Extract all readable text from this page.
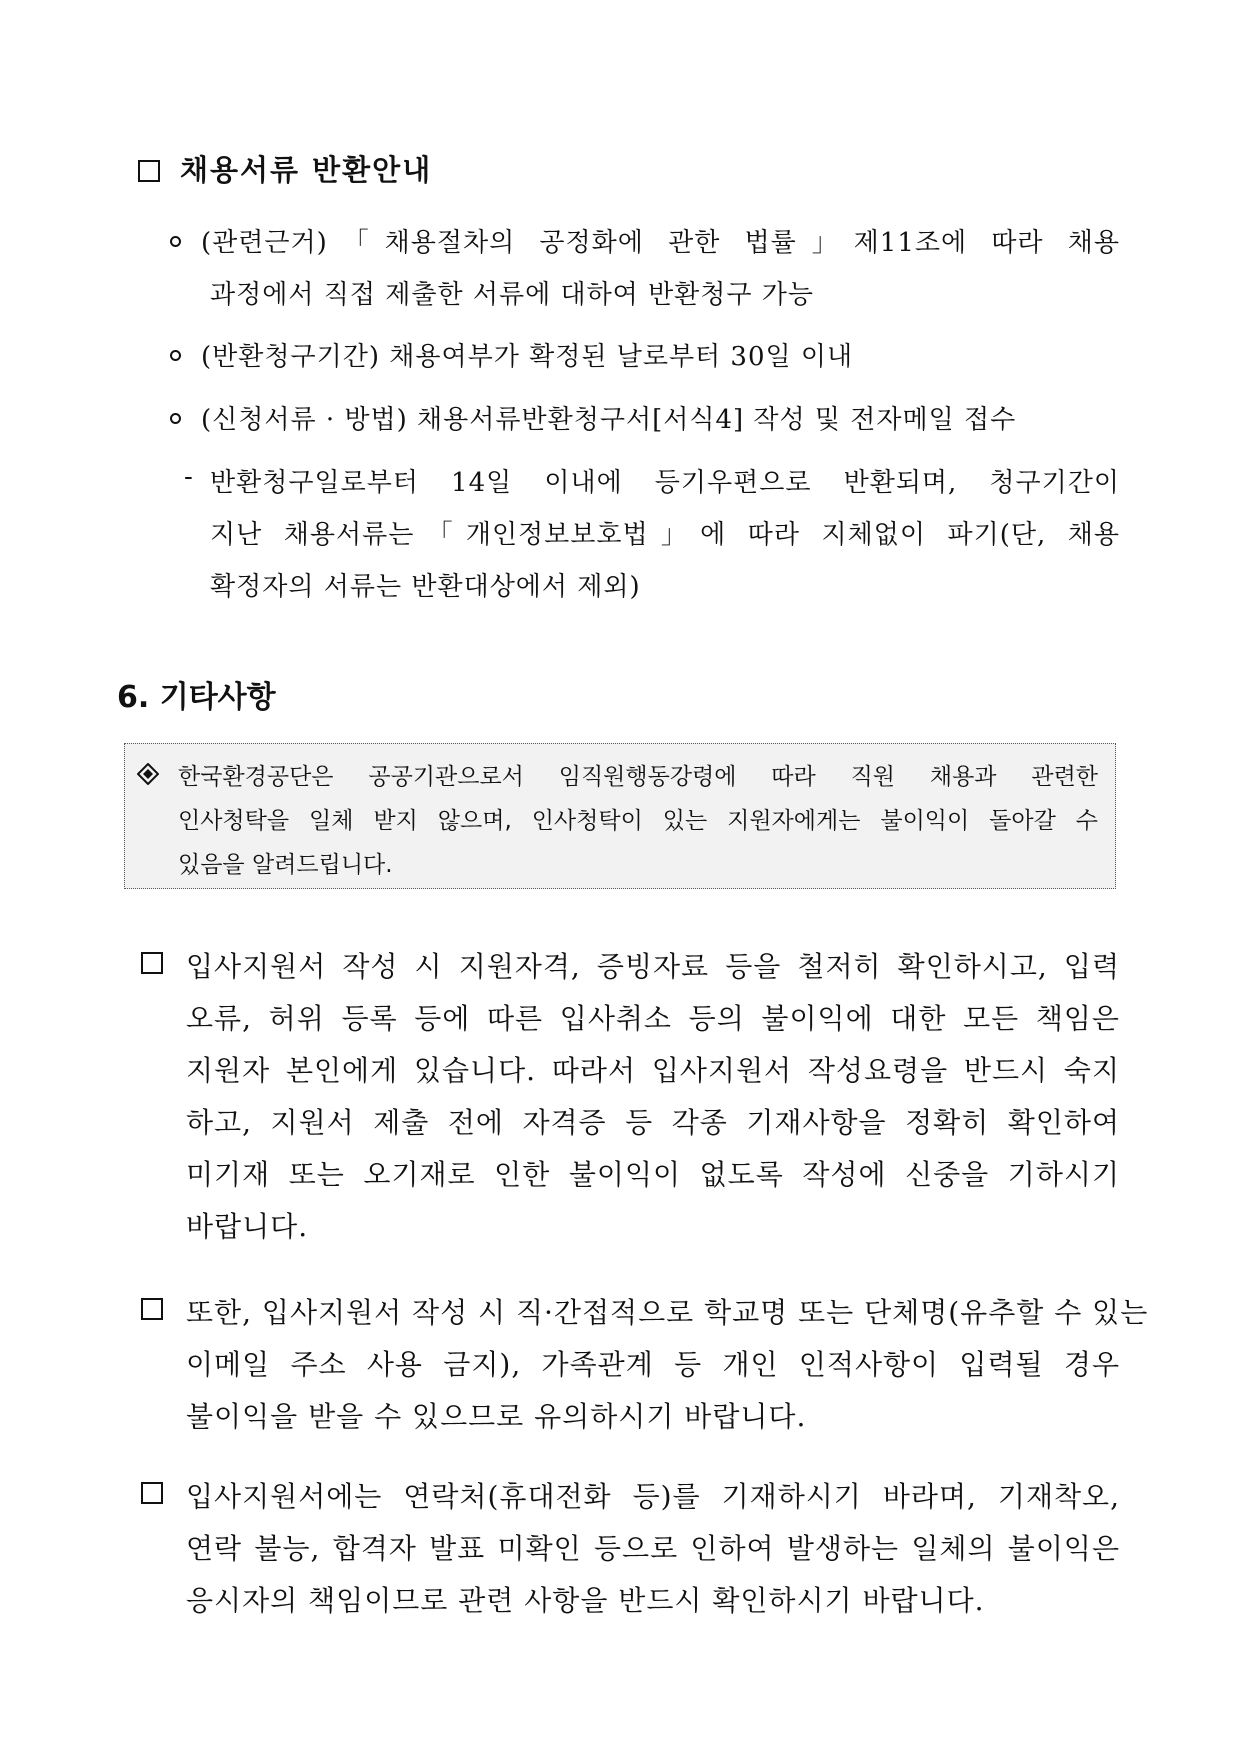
채용서류 반환안내
(관련근거)「채용절차의 공정화에 관한 법률」제11조에 따라 채용
과정에서 직접 제출한 서류에 대하여 반환청구 가능
(반환청구기간) 채용여부가 확정된 날로부터 30일 이내
(신청서류 · 방법) 채용서류반환청구서[서식4] 작성 및 전자메일 접수
- 반환청구일로부터 14일 이내에 등기우편으로 반환되며, 청구기간이
지난 채용서류는「개인정보보호법」에 따라 지체없이 파기(단, 채용
확정자의 서류는 반환대상에서 제외)
6. 기타사항
한국환경공단은 공공기관으로서 임직원행동강령에 따라 직원 채용과 관련한
인사청탁을 일체 받지 않으며, 인사청탁이 있는 지원자에게는 불이익이 돌아갈 수
있음을 알려드립니다.
입사지원서 작성 시 지원자격, 증빙자료 등을 철저히 확인하시고, 입력
오류, 허위 등록 등에 따른 입사취소 등의 불이익에 대한 모든 책임은
지원자 본인에게 있습니다. 따라서 입사지원서 작성요령을 반드시 숙지
하고, 지원서 제출 전에 자격증 등 각종 기재사항을 정확히 확인하여
미기재 또는 오기재로 인한 불이익이 없도록 작성에 신중을 기하시기
바랍니다.
또한, 입사지원서 작성 시 직·간접적으로 학교명 또는 단체명(유추할 수 있는
이메일 주소 사용 금지), 가족관계 등 개인 인적사항이 입력될 경우
불이익을 받을 수 있으므로 유의하시기 바랍니다.
입사지원서에는 연락처(휴대전화 등)를 기재하시기 바라며, 기재착오,
연락 불능, 합격자 발표 미확인 등으로 인하여 발생하는 일체의 불이익은
응시자의 책임이므로 관련 사항을 반드시 확인하시기 바랍니다.
